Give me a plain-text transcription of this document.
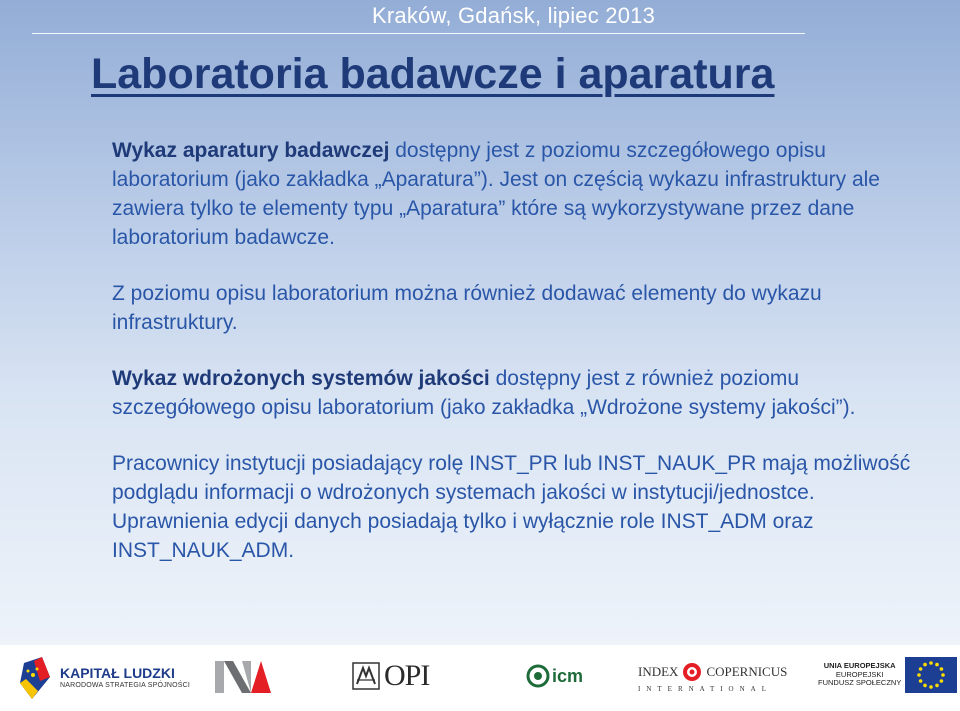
Kraków, Gdańsk, lipiec 2013
Laboratoria badawcze i aparatura

Wykaz aparatury badawczej dostępny jest z poziomu szczegółowego opisu laboratorium (jako zakładka „Aparatura”). Jest on częścią wykazu infrastruktury ale zawiera tylko te elementy typu „Aparatura” które są wykorzystywane przez dane laboratorium badawcze.

Z poziomu opisu laboratorium można również dodawać elementy do wykazu infrastruktury.

Wykaz wdrożonych systemów jakości dostępny jest z również poziomu szczegółowego opisu laboratorium (jako zakładka „Wdrożone systemy jakości”).

Pracownicy instytucji posiadający rolę INST_PR lub INST_NAUK_PR mają możliwość podglądu informacji o wdrożonych systemach jakości w instytucji/jednostce. Uprawnienia edycji danych posiadają tylko i wyłącznie role INST_ADM oraz INST_NAUK_ADM.

KAPITAŁ LUDZKI
NARODOWA STRATEGIA SPÓJNOŚCI	OPI	icm	INDEX COPERNICUS
INTERNATIONAL
UNIA EUROPEJSKA
EUROPEJSKI
FUNDUSZ SPOŁECZNY
